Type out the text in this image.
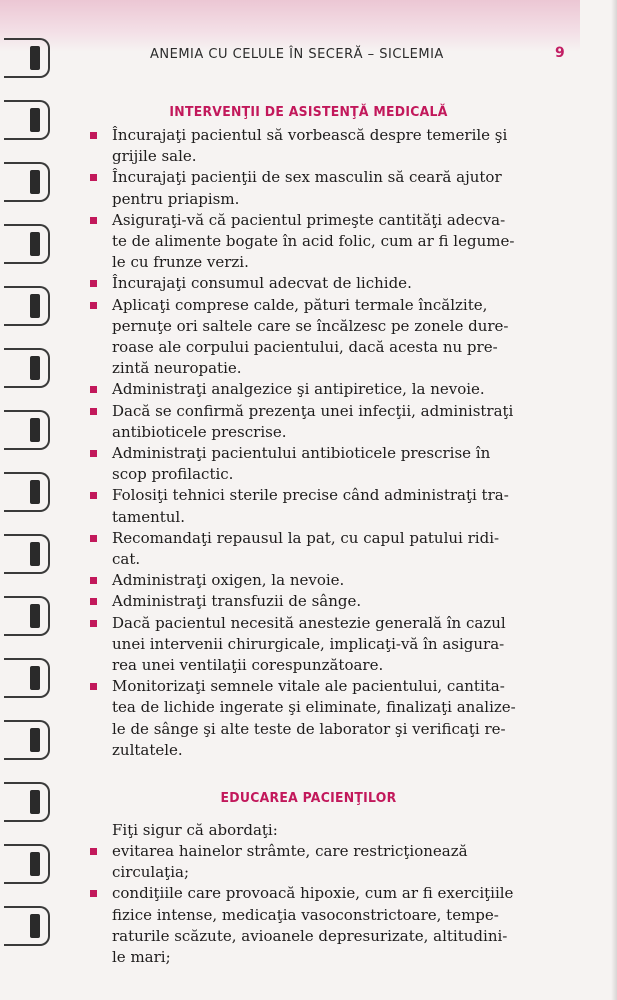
ANEMIA CU CELULE ÎN SECERĂ – SICLEMIA	9
INTERVENŢII DE ASISTENŢĂ MEDICALĂ
Încurajaţi pacientul să vorbească despre temerile şi
grijile sale.
Încurajaţi pacienţii de sex masculin să ceară ajutor
pentru priapism.
Asiguraţi-vă că pacientul primeşte cantităţi adecva-
te de alimente bogate în acid folic, cum ar fi legume-
le cu frunze verzi.
Încurajaţi consumul adecvat de lichide.
Aplicaţi comprese calde, pături termale încălzite,
pernuţe ori saltele care se încălzesc pe zonele dure-
roase ale corpului pacientului, dacă acesta nu pre-
zintă neuropatie.
Administraţi analgezice şi antipiretice, la nevoie.
Dacă se confirmă prezenţa unei infecţii, administraţi
antibioticele prescrise.
Administraţi pacientului antibioticele prescrise în
scop profilactic.
Folosiţi tehnici sterile precise când administraţi tra-
tamentul.
Recomandaţi repausul la pat, cu capul patului ridi-
cat.
Administraţi oxigen, la nevoie.
Administraţi transfuzii de sânge.
Dacă pacientul necesită anestezie generală în cazul
unei intervenii chirurgicale, implicaţi-vă în asigura-
rea unei ventilaţii corespunzătoare.
Monitorizaţi semnele vitale ale pacientului, cantita-
tea de lichide ingerate şi eliminate, finalizaţi analize-
le de sânge şi alte teste de laborator şi verificaţi re-
zultatele.
EDUCAREA PACIENŢILOR
Fiţi sigur că abordaţi:
evitarea hainelor strâmte, care restricţionează
circulaţia;
condiţiile care provoacă hipoxie, cum ar fi exerciţiile
fizice intense, medicaţia vasoconstrictoare, tempe-
raturile scăzute, avioanele depresurizate, altitudini-
le mari;
